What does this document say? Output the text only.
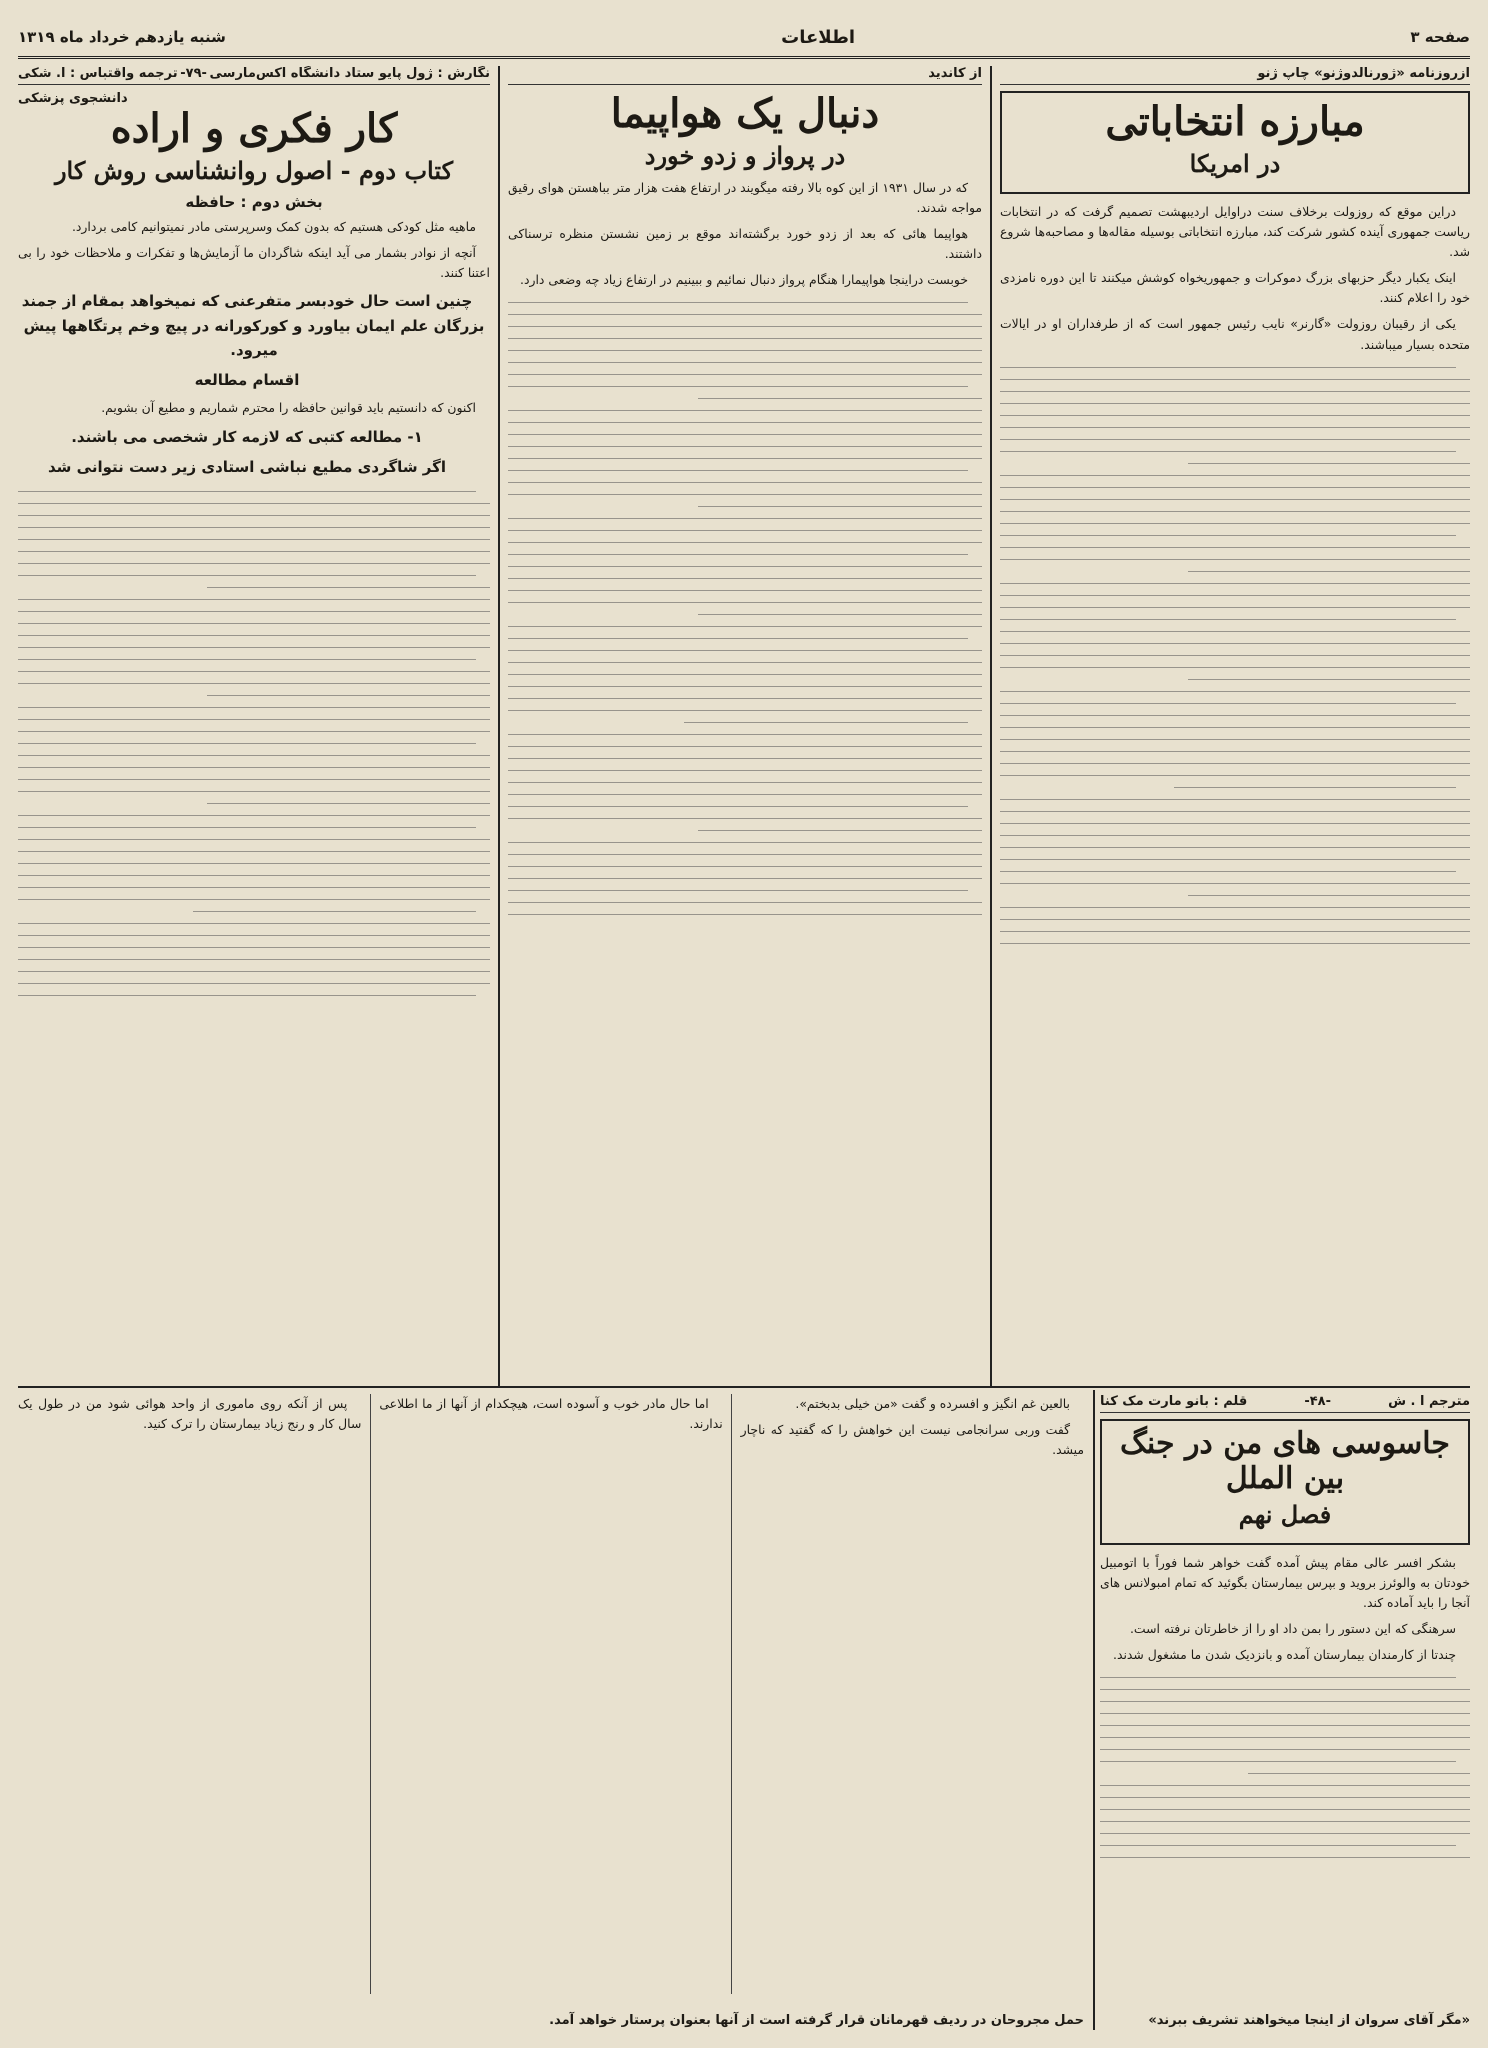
صفحه ۳
اطلاعات
شنبه یازدهم خرداد ماه ۱۳۱۹
ازروزنامه «ژورنالدوژنو» چاپ ژنو
مبارزه انتخاباتی
در امریکا

دراین موقع که روزولت برخلاف سنت دراوایل اردیبهشت تصمیم گرفت که در انتخابات ریاست جمهوری آینده کشور شرکت کند، مبارزه انتخاباتی بوسیله مقاله‌ها و مصاحبه‌ها شروع شد.

اینک یکبار دیگر حزبهای بزرگ دموکرات و جمهوریخواه کوشش میکنند تا این دوره نامزدی خود را اعلام کنند.

یکی از رقیبان روزولت «گارنر» نایب رئیس جمهور است که از طرفداران او در ایالات متحده بسیار میباشند.

از کاندید
دنبال یک هواپیما
در پرواز و زدو خورد

که در سال ۱۹۳۱ از این کوه بالا رفته میگویند در ارتفاع هفت هزار متر بباهستن هوای رقیق مواجه شدند.

هواپیما هائی که بعد از زدو خورد برگشته‌اند موقع بر زمین نشستن منظره ترسناکی داشتند.

خوبست دراینجا هواپیمارا هنگام پرواز دنبال نمائیم و ببینیم در ارتفاع زیاد چه وضعی دارد.

نگارش : ژول پایو ستاد دانشگاه اکس‌مارسی
-۷۹-
ترجمه واقتباس : ا. شکی
دانشجوی پزشکی
کار فکری و اراده
کتاب دوم - اصول روانشناسی روش کار
بخش دوم : حافظه

ماهیه مثل کودکی هستیم که بدون کمک وسرپرستی مادر نمیتوانیم کامی بردارد.

آنچه از نوادر بشمار می آید اینکه شاگردان ما آزمایش‌ها و تفکرات و ملاحظات خود را بی اعتنا کنند.

چنین است حال خودبسر متفرعنی که نمیخواهد بمقام از جمند بزرگان علم ایمان بیاورد و کورکورانه در پیچ وخم پرتگاهها پیش میرود.
اقسام مطالعه

اکنون که دانستیم باید قوانین حافظه را محترم شماریم و مطیع آن بشویم.

۱- مطالعه کتبی که لازمه کار شخصی می باشند.
اگر شاگردی مطیع نباشی استادی زیر دست نتوانی شد
مترجم ا . ش
-۴۸-
قلم : بانو مارت مک کنا
جاسوسی های من در جنگ بین الملل
فصل نهم

بشکر افسر عالی مقام پیش آمده گفت خواهر شما فوراً با اتومبیل خودتان به والوئرز بروید و بپرس بیمارستان بگوئید که تمام امبولانس های آنجا را باید آماده کند.

سرهنگی که این دستور را بمن داد او را از خاطرتان نرفته است.

چندتا از کارمندان بیمارستان آمده و بانزدیک شدن ما مشغول شدند.

«مگر آقای سروان از اینجا میخواهند تشریف ببرند»

بالعین غم انگیز و افسرده و گفت «من خیلی بدبختم».

گفت وربی سرانجامی نیست این خواهش را که گفتید که ناچار میشد.

اما حال مادر خوب و آسوده است، هیچکدام از آنها از ما اطلاعی ندارند.

پس از آنکه روی ماموری از واحد هوائی شود من در طول یک سال کار و رنج زیاد بیمارستان را ترک کنید.

حمل مجروحان در ردیف قهرمانان قرار گرفته است از آنها بعنوان پرستار خواهد آمد.
